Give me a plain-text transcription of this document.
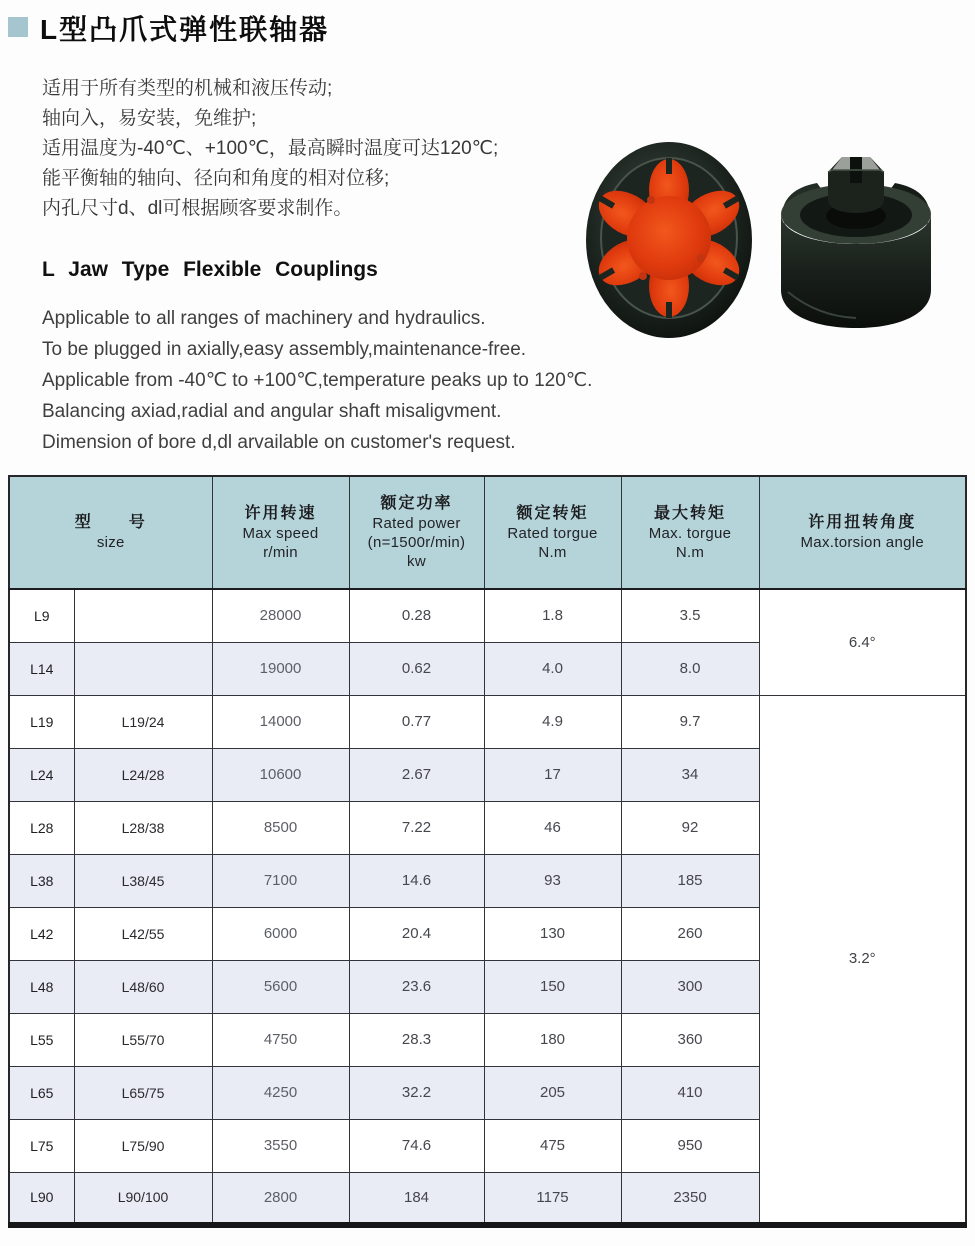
L型凸爪式弹性联轴器

适用于所有类型的机械和液压传动;

轴向入，易安装，免维护;

适用温度为-40℃、+100℃，最高瞬时温度可达120℃;

能平衡轴的轴向、径向和角度的相对位移;

内孔尺寸d、dl可根据顾客要求制作。

L Jaw Type Flexible Couplings

Applicable to all ranges of machinery and hydraulics.

To be plugged in axially,easy assembly,maintenance-free.

Applicable from -40℃ to +100℃,temperature peaks up to 120℃.

Balancing axiad,radial and angular shaft misaligvment.

Dimension of bore d,dl arvailable on customer's request.

型　　号
size

许用转速
Max speed
r/min

额定功率
Rated power
(n=1500r/min)
kw

额定转矩
Rated torgue
N.m

最大转矩
Max. torgue
N.m

许用扭转角度
Max.torsion angle

L9		28000	0.28	1.8	3.5	6.4°
L14		19000	0.62	4.0	8.0	
L19	L19/24	14000	0.77	4.9	9.7	3.2°
L24	L24/28	10600	2.67	17	34	
L28	L28/38	8500	7.22	46	92	
L38	L38/45	7100	14.6	93	185	
L42	L42/55	6000	20.4	130	260	
L48	L48/60	5600	23.6	150	300	
L55	L55/70	4750	28.3	180	360	
L65	L65/75	4250	32.2	205	410	
L75	L75/90	3550	74.6	475	950	
L90	L90/100	2800	184	1175	2350	
